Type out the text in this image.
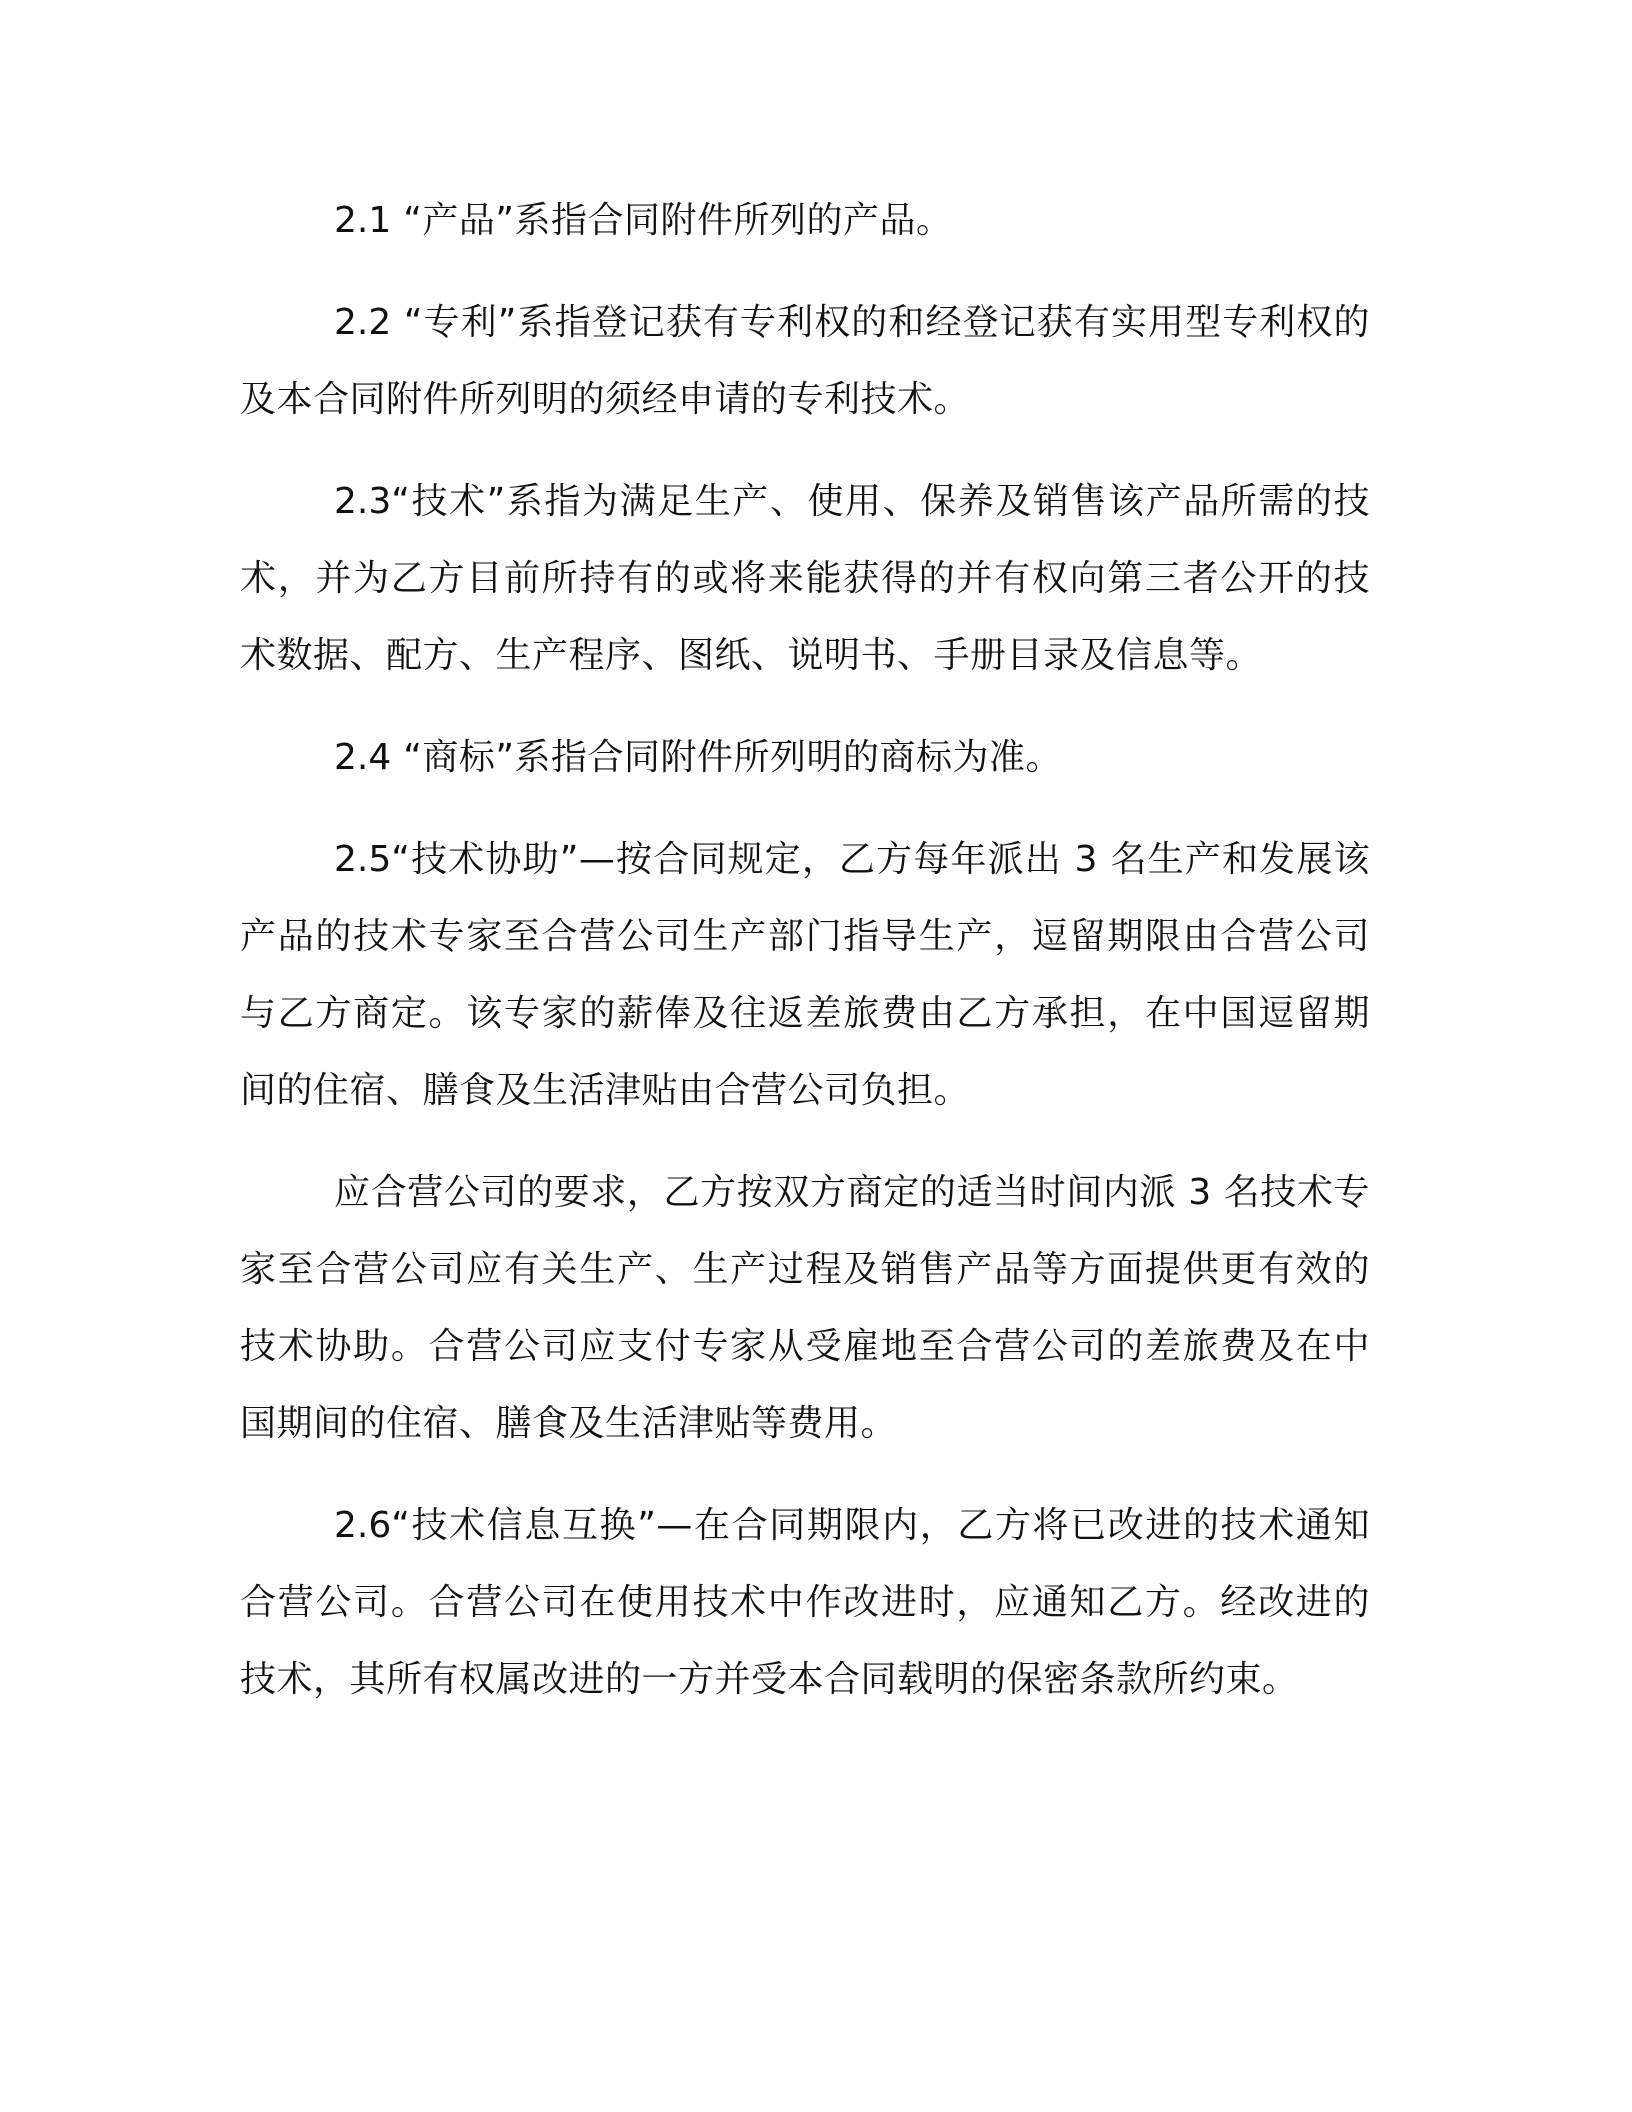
2.1 “产品”系指合同附件所列的产品。

2.2 “专利”系指登记获有专利权的和经登记获有实用型专利权的及本合同附件所列明的须经申请的专利技术。

2.3“技术”系指为满足生产、使用、保养及销售该产品所需的技术，并为乙方目前所持有的或将来能获得的并有权向第三者公开的技术数据、配方、生产程序、图纸、说明书、手册目录及信息等。

2.4 “商标”系指合同附件所列明的商标为准。

2.5“技术协助”—按合同规定，乙方每年派出 3 名生产和发展该产品的技术专家至合营公司生产部门指导生产，逗留期限由合营公司与乙方商定。该专家的薪俸及往返差旅费由乙方承担，在中国逗留期间的住宿、膳食及生活津贴由合营公司负担。

应合营公司的要求，乙方按双方商定的适当时间内派 3 名技术专家至合营公司应有关生产、生产过程及销售产品等方面提供更有效的技术协助。合营公司应支付专家从受雇地至合营公司的差旅费及在中国期间的住宿、膳食及生活津贴等费用。

2.6“技术信息互换”—在合同期限内，乙方将已改进的技术通知合营公司。合营公司在使用技术中作改进时，应通知乙方。经改进的技术，其所有权属改进的一方并受本合同载明的保密条款所约束。
